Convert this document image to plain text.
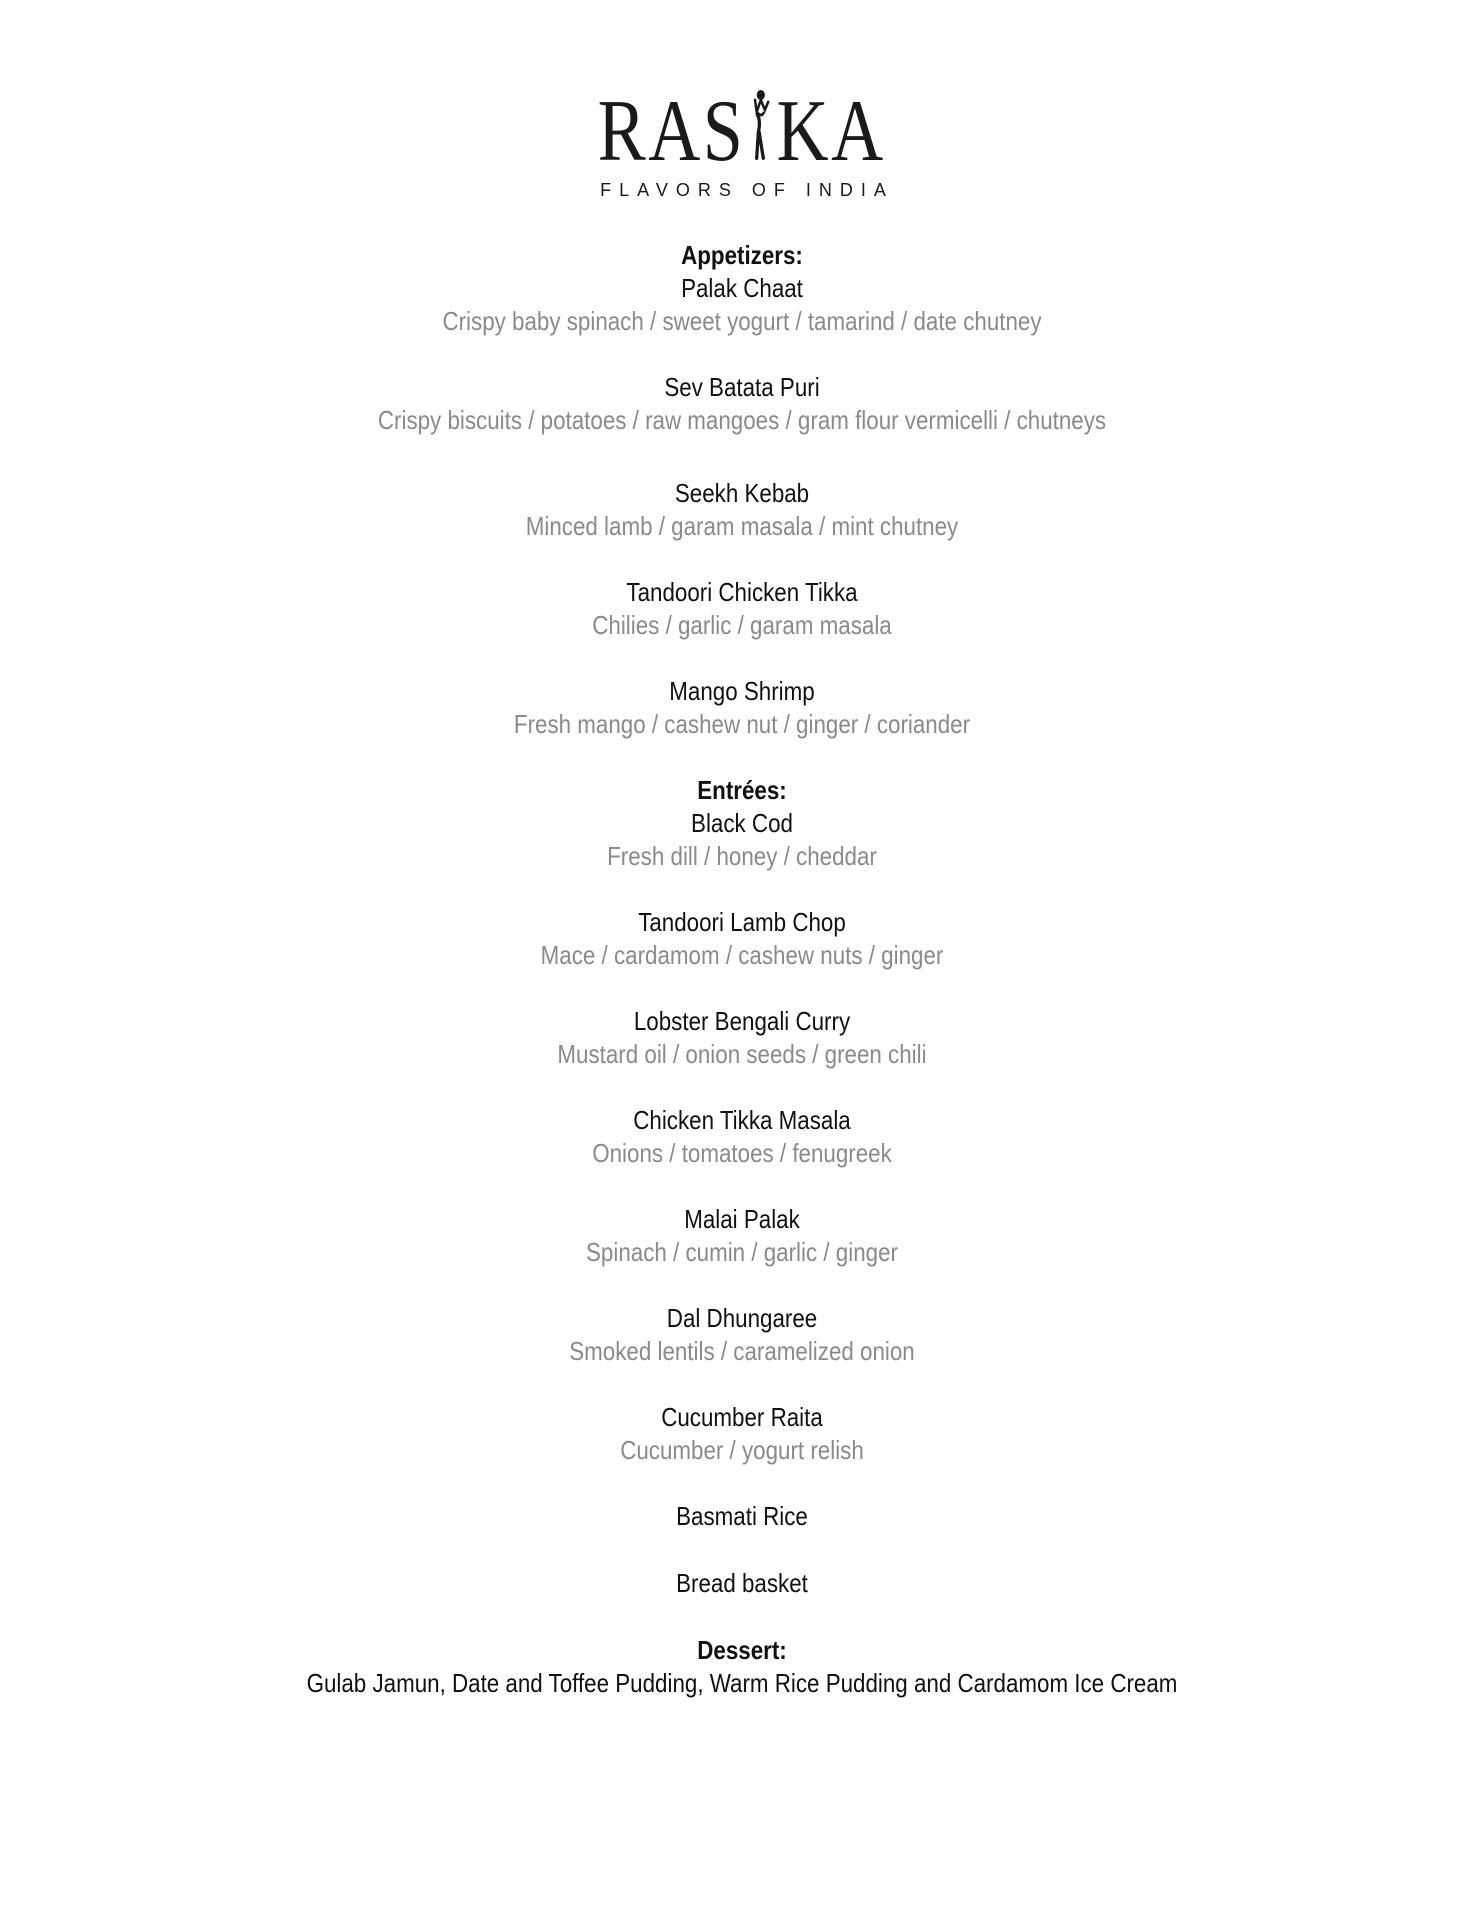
RAS KA
FLAVORS OF INDIA
Appetizers:
Palak Chaat
Crispy baby spinach / sweet yogurt / tamarind / date chutney
Sev Batata Puri
Crispy biscuits / potatoes / raw mangoes / gram flour vermicelli / chutneys
Seekh Kebab
Minced lamb / garam masala / mint chutney
Tandoori Chicken Tikka
Chilies / garlic / garam masala
Mango Shrimp
Fresh mango / cashew nut / ginger / coriander
Entrées:
Black Cod
Fresh dill / honey / cheddar
Tandoori Lamb Chop
Mace / cardamom / cashew nuts / ginger
Lobster Bengali Curry
Mustard oil / onion seeds / green chili
Chicken Tikka Masala
Onions / tomatoes / fenugreek
Malai Palak
Spinach / cumin / garlic / ginger
Dal Dhungaree
Smoked lentils / caramelized onion
Cucumber Raita
Cucumber / yogurt relish
Basmati Rice
Bread basket
Dessert:
Gulab Jamun, Date and Toffee Pudding, Warm Rice Pudding and Cardamom Ice Cream
